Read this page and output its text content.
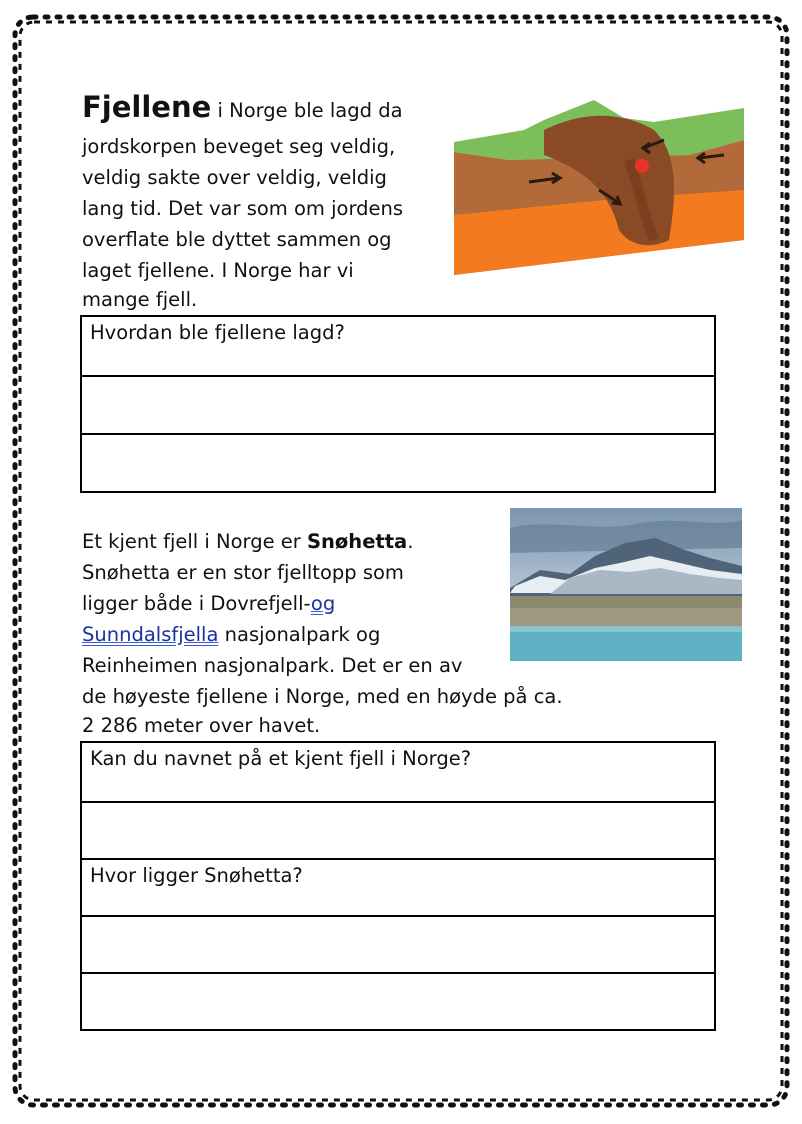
Fjellene i Norge ble lagd da
jordskorpen beveget seg veldig,
veldig sakte over veldig, veldig
lang tid. Det var som om jordens
overflate ble dyttet sammen og
laget fjellene. I Norge har vi
mange fjell.
Hvordan ble fjellene lagd?

Et kjent fjell i Norge er Snøhetta.
Snøhetta er en stor fjelltopp som
ligger både i Dovrefjell-og
Sunndalsfjella nasjonalpark og
Reinheimen nasjonalpark. Det er en av
de høyeste fjellene i Norge, med en høyde på ca.
2 286 meter over havet.
Kan du navnet på et kjent fjell i Norge?

Hvor ligger Snøhetta?
